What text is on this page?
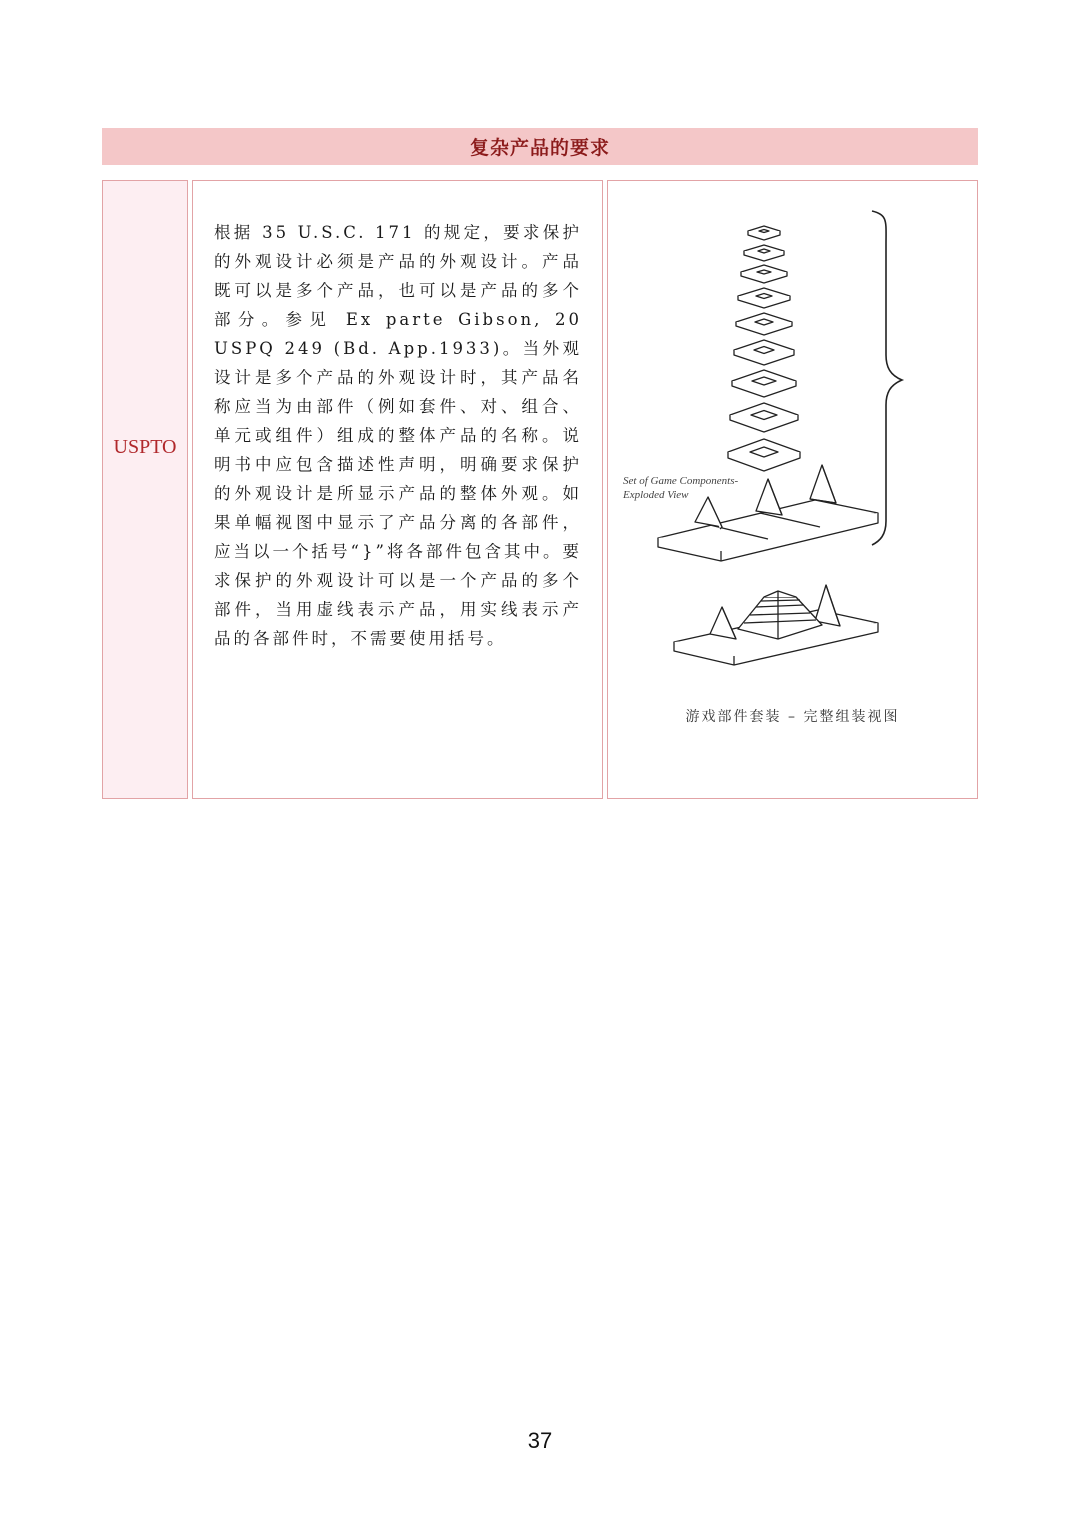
复杂产品的要求
USPTO
根据 35 U.S.C. 171 的规定，要求保护的外观设计必须是产品的外观设计。产品既可以是多个产品，也可以是产品的多个部分。参见 Ex parte Gibson, 20 USPQ 249 (Bd. App.1933)。当外观设计是多个产品的外观设计时，其产品名称应当为由部件（例如套件、对、组合、单元或组件）组成的整体产品的名称。说明书中应包含描述性声明，明确要求保护的外观设计是所显示产品的整体外观。如果单幅视图中显示了产品分离的各部件，应当以一个括号“}”将各部件包含其中。要求保护的外观设计可以是一个产品的多个部件，当用虚线表示产品，用实线表示产品的各部件时，不需要使用括号。
Set of Game Components-
Exploded View
游戏部件套装 – 完整组装视图
37
